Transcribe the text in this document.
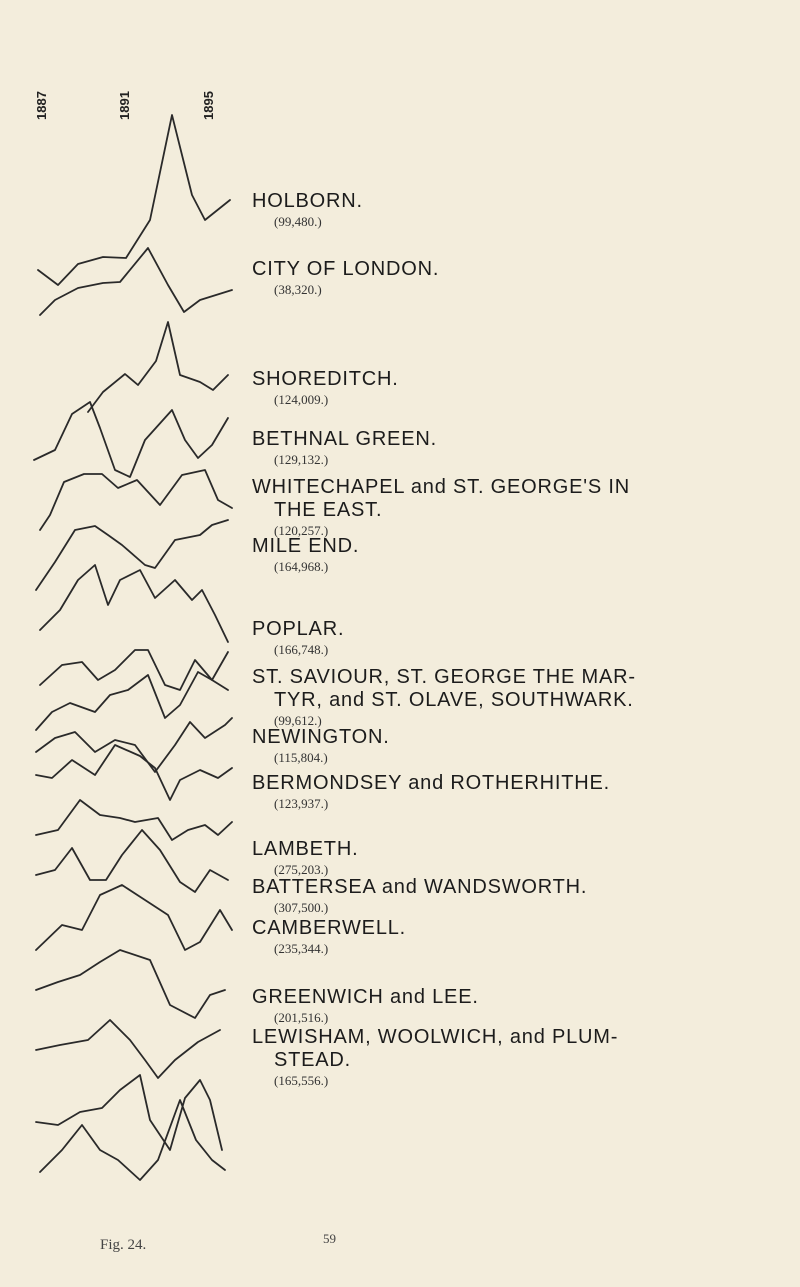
1887	1891	1895
HOLBORN.
(99,480.)
CITY OF LONDON.
(38,320.)
SHOREDITCH.
(124,009.)
BETHNAL GREEN.
(129,132.)
WHITECHAPEL and ST. GEORGE'S IN
THE EAST.
(120,257.)
MILE END.
(164,968.)
POPLAR.
(166,748.)
ST. SAVIOUR, ST. GEORGE THE MAR-
TYR, and ST. OLAVE, SOUTHWARK.
(99,612.)
NEWINGTON.
(115,804.)
BERMONDSEY and ROTHERHITHE.
(123,937.)
LAMBETH.
(275,203.)
BATTERSEA and WANDSWORTH.
(307,500.)
CAMBERWELL.
(235,344.)
GREENWICH and LEE.
(201,516.)
LEWISHAM, WOOLWICH, and PLUM-
STEAD.
(165,556.)
Fig. 24.	59
